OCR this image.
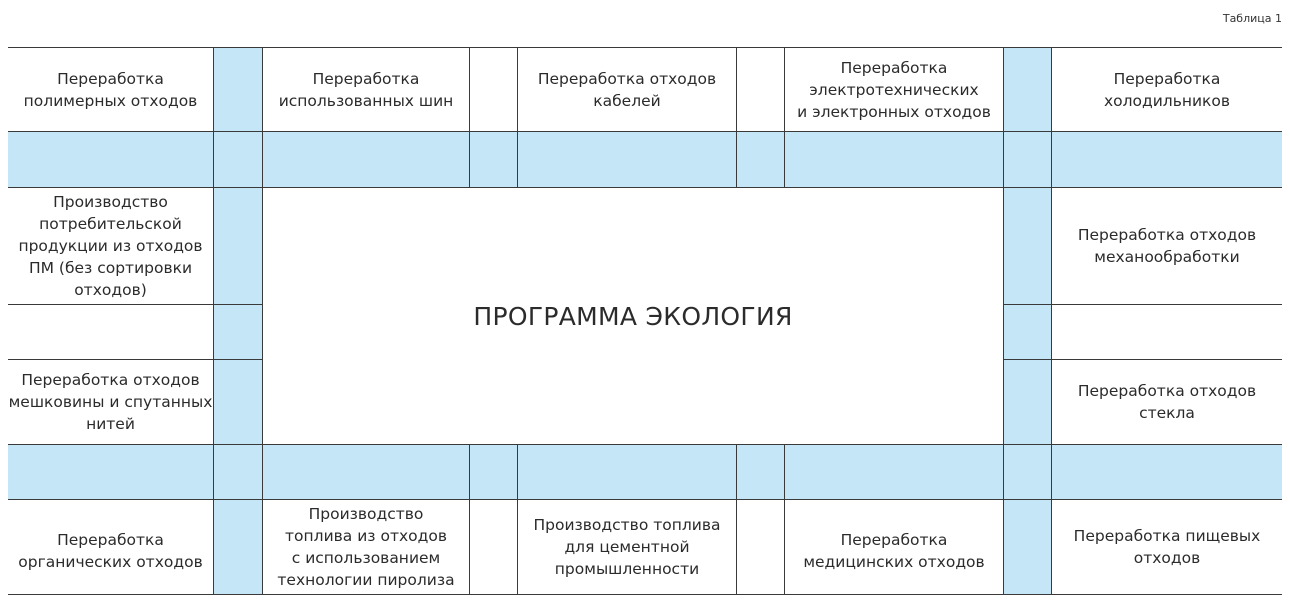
Таблица 1
Переработка
полимерных отходов
Переработка
использованных шин
Переработка отходов
кабелей
Переработка
электротехнических
и электронных отходов
Переработка
холодильников
Производство
потребительской
продукции из отходов
ПМ (без сортировки
отходов)
Переработка отходов
мешковины и спутанных
нитей
Переработка отходов
механообработки
Переработка отходов
стекла
ПРОГРАММА ЭКОЛОГИЯ
Переработка
органических отходов
Производство
топлива из отходов
с использованием
технологии пиролиза
Производство топлива
для цементной
промышленности
Переработка
медицинских отходов
Переработка пищевых
отходов
